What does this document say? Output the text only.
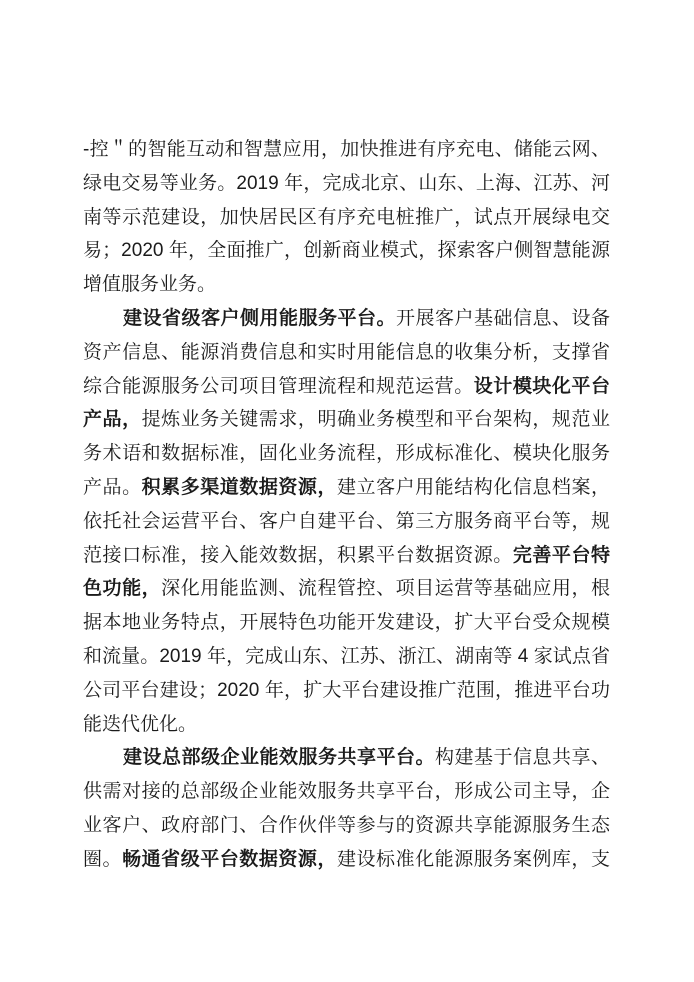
-控＂的智能互动和智慧应用，加快推进有序充电、储能云网、
绿电交易等业务。2019 年，完成北京、山东、上海、江苏、河
南等示范建设，加快居民区有序充电桩推广，试点开展绿电交
易；2020 年，全面推广，创新商业模式，探索客户侧智慧能源
增值服务业务。
建设省级客户侧用能服务平台。开展客户基础信息、设备
资产信息、能源消费信息和实时用能信息的收集分析，支撑省
综合能源服务公司项目管理流程和规范运营。设计模块化平台
产品，提炼业务关键需求，明确业务模型和平台架构，规范业
务术语和数据标准，固化业务流程，形成标准化、模块化服务
产品。积累多渠道数据资源，建立客户用能结构化信息档案，
依托社会运营平台、客户自建平台、第三方服务商平台等，规
范接口标准，接入能效数据，积累平台数据资源。完善平台特
色功能，深化用能监测、流程管控、项目运营等基础应用，根
据本地业务特点，开展特色功能开发建设，扩大平台受众规模
和流量。2019 年，完成山东、江苏、浙江、湖南等 4 家试点省
公司平台建设；2020 年，扩大平台建设推广范围，推进平台功
能迭代优化。
建设总部级企业能效服务共享平台。构建基于信息共享、
供需对接的总部级企业能效服务共享平台，形成公司主导，企
业客户、政府部门、合作伙伴等参与的资源共享能源服务生态
圈。畅通省级平台数据资源，建设标准化能源服务案例库，支
